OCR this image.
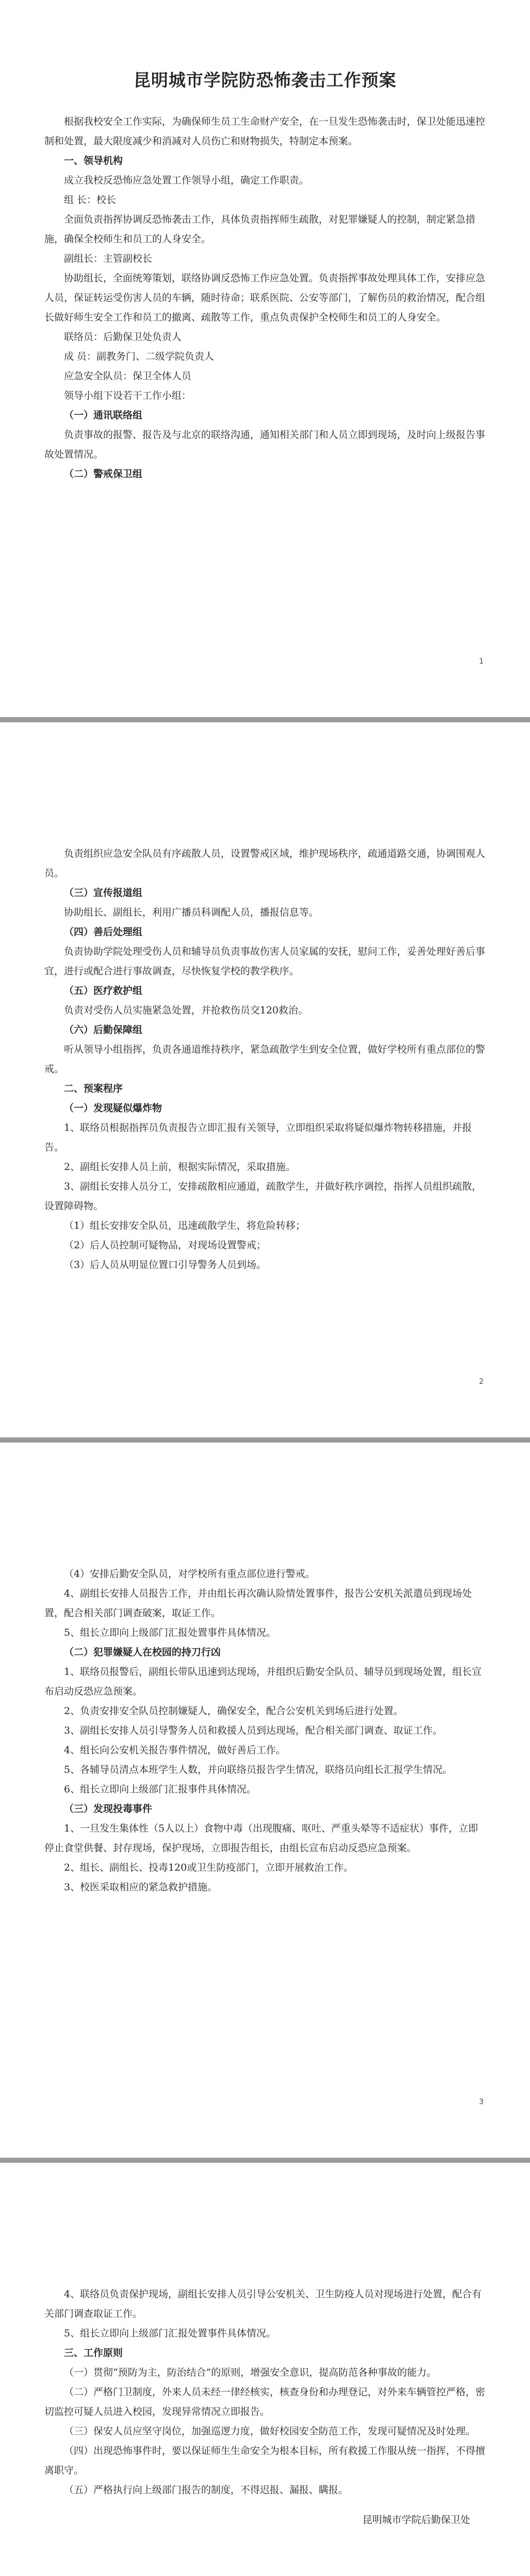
昆明城市学院防恐怖袭击工作预案

根据我校安全工作实际，为确保师生员工生命财产安全，在一旦发生恐怖袭击时，保卫处能迅速控制和处置，最大限度减少和消减对人员伤亡和财物损失，特制定本预案。

一、领导机构

成立我校反恐怖应急处置工作领导小组，确定工作职责。

组 长：校长

全面负责指挥协调反恐怖袭击工作，具体负责指挥师生疏散，对犯罪嫌疑人的控制，制定紧急措施，确保全校师生和员工的人身安全。

副组长：主管副校长

协助组长，全面统筹策划，联络协调反恐怖工作应急处置。负责指挥事故处理具体工作，安排应急人员，保证转运受伤害人员的车辆，随时待命；联系医院、公安等部门，了解伤员的救治情况，配合组长做好师生安全工作和员工的撤离、疏散等工作，重点负责保护全校师生和员工的人身安全。

联络员：后勤保卫处负责人

成 员：副教务门、二级学院负责人

应急安全队员：保卫全体人员

领导小组下设若干工作小组：

（一）通讯联络组

负责事故的报警、报告及与北京的联络沟通，通知相关部门和人员立即到现场，及时向上级报告事故处置情况。

（二）警戒保卫组

1

负责组织应急安全队员有序疏散人员，设置警戒区域，维护现场秩序，疏通道路交通，协调围观人员。

（三）宣传报道组

协助组长、副组长，利用广播员科调配人员，播报信息等。

（四）善后处理组

负责协助学院处理受伤人员和辅导员负责事故伤害人员家属的安抚，慰问工作，妥善处理好善后事宜，进行或配合进行事故调查，尽快恢复学校的教学秩序。

（五）医疗救护组

负责对受伤人员实施紧急处置，并抢救伤员交120救治。

（六）后勤保障组

听从领导小组指挥，负责各通道维持秩序，紧急疏散学生到安全位置，做好学校所有重点部位的警戒。

二、预案程序

（一）发现疑似爆炸物

1、联络员根据指挥员负责报告立即汇报有关领导，立即组织采取将疑似爆炸物转移措施，并报告。

2、副组长安排人员上前，根据实际情况，采取措施。

3、副组长安排人员分工，安排疏散相应通道，疏散学生，并做好秩序调控，指挥人员组织疏散，设置障碍物。

（1）组长安排安全队员，迅速疏散学生，将危险转移；

（2）后人员控制可疑物品，对现场设置警戒；

（3）后人员从明显位置口引导警务人员到场。

2

（4）安排后勤安全队员，对学校所有重点部位进行警戒。

4、副组长安排人员报告工作，并由组长再次确认险情处置事件，报告公安机关派遣员到现场处置，配合相关部门调查破案，取证工作。

5、组长立即向上级部门汇报处置事件具体情况。

（二）犯罪嫌疑人在校园的持刀行凶

1、联络员报警后，副组长带队迅速到达现场，并组织后勤安全队员、辅导员到现场处置，组长宣布启动反恐应急预案。

2、负责安排安全队员控制嫌疑人，确保安全，配合公安机关到场后进行处置。

3、副组长安排人员引导警务人员和救援人员到达现场，配合相关部门调查、取证工作。

4、组长向公安机关报告事件情况，做好善后工作。

5、各辅导员清点本班学生人数，并向联络员报告学生情况，联络员向组长汇报学生情况。

6、组长立即向上级部门汇报事件具体情况。

（三）发现投毒事件

1、一旦发生集体性（5人以上）食物中毒（出现腹痛、呕吐、严重头晕等不适症状）事件，立即停止食堂供餐、封存现场，保护现场，立即报告组长，由组长宣布启动反恐应急预案。

2、组长、副组长、投毒120或卫生防疫部门，立即开展救治工作。

3、校医采取相应的紧急救护措施。

3

4、联络员负责保护现场，副组长安排人员引导公安机关、卫生防疫人员对现场进行处置，配合有关部门调查取证工作。

5、组长立即向上级部门汇报处置事件具体情况。

三、工作原则

（一）贯彻“预防为主，防治结合”的原则，增强安全意识，提高防范各种事故的能力。

（二）严格门卫制度，外来人员未经一律经核实，核查身份和办理登记，对外来车辆管控严格，密切监控可疑人员进入校园，发现异常情况立即报告。

（三）保安人员应坚守岗位，加强巡逻力度，做好校园安全防范工作，发现可疑情况及时处理。

（四）出现恐怖事件时，要以保证师生生命安全为根本目标，所有救援工作服从统一指挥，不得擅离职守。

（五）严格执行向上级部门报告的制度，不得迟报、漏报、瞒报。

昆明城市学院后勤保卫处
